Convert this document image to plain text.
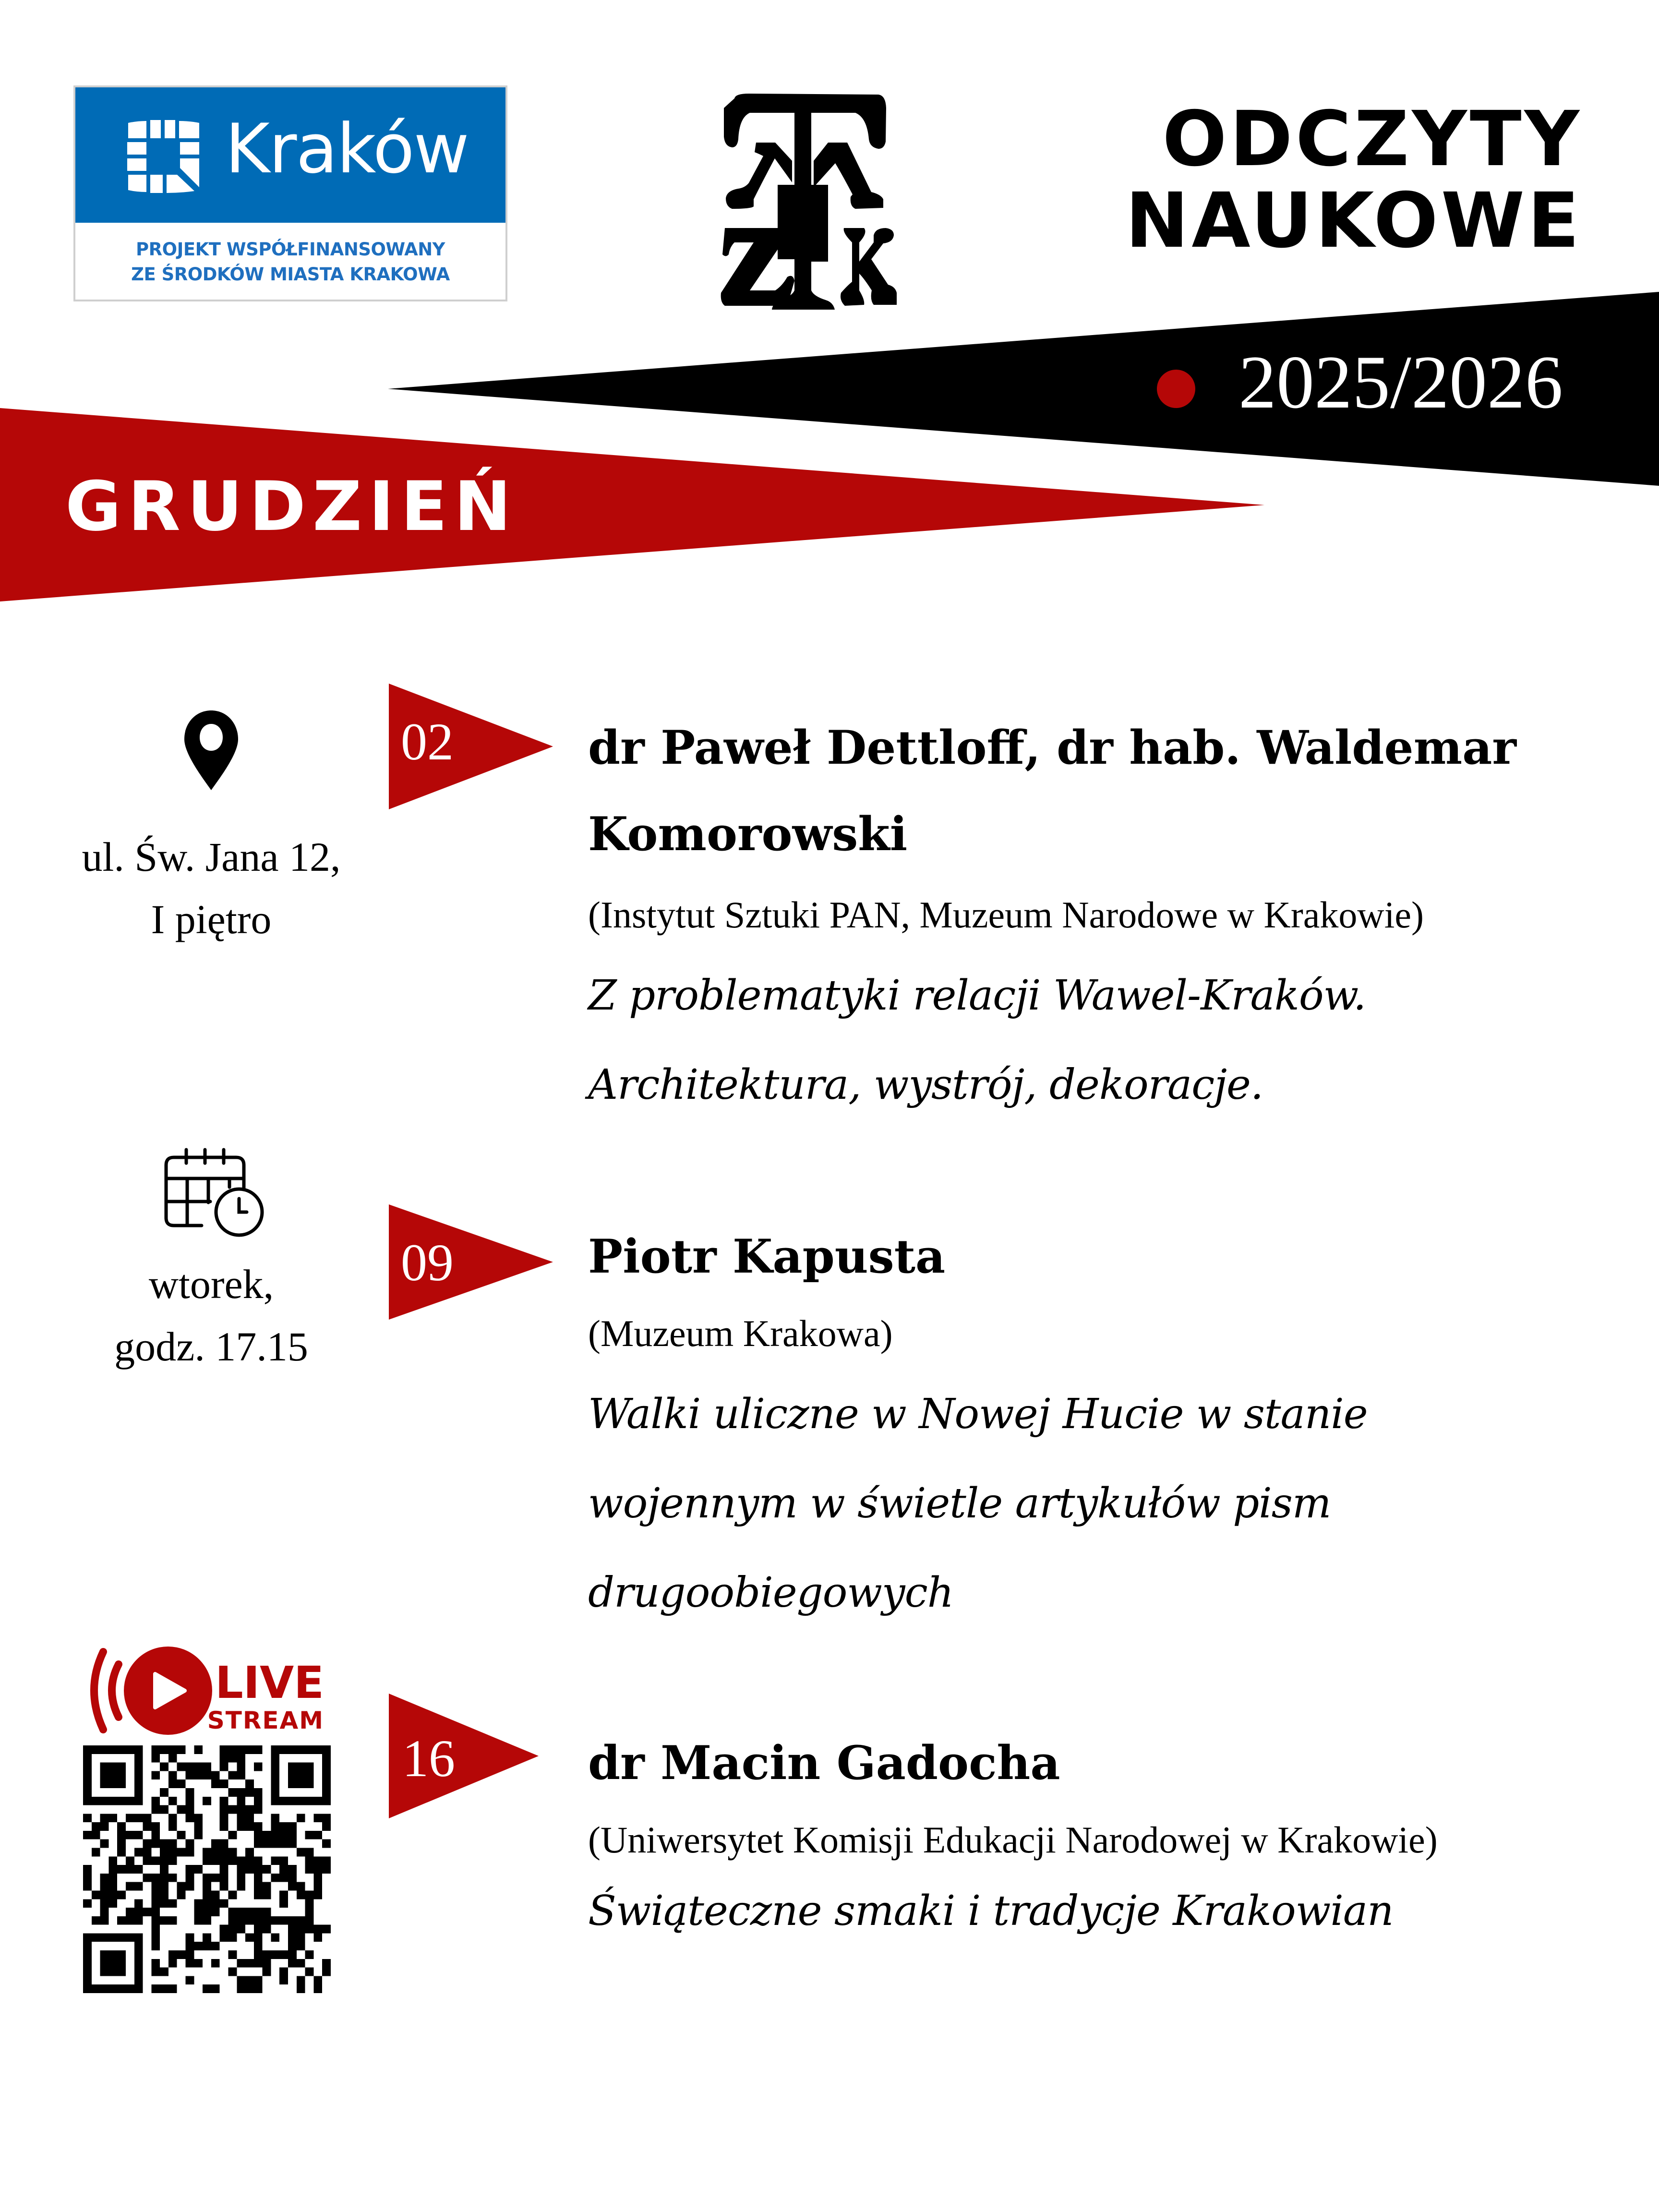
Kraków
PROJEKT WSPÓŁFINANSOWANY
ZE ŚRODKÓW MIASTA KRAKOWA
ODCZYTY
NAUKOWE
2025/2026
GRUDZIEŃ
ul. Św. Jana 12,
I piętro
wtorek,
godz. 17.15
LIVE
STREAM
02	dr Paweł Dettloff, dr hab. Waldemar
Komorowski
(Instytut Sztuki PAN, Muzeum Narodowe w Krakowie)
Z problematyki relacji Wawel-Kraków.
Architektura, wystrój, dekoracje.
09	Piotr Kapusta
(Muzeum Krakowa)
Walki uliczne w Nowej Hucie w stanie
wojennym w świetle artykułów pism
drugoobiegowych
16	dr Macin Gadocha
(Uniwersytet Komisji Edukacji Narodowej w Krakowie)
Świąteczne smaki i tradycje Krakowian
